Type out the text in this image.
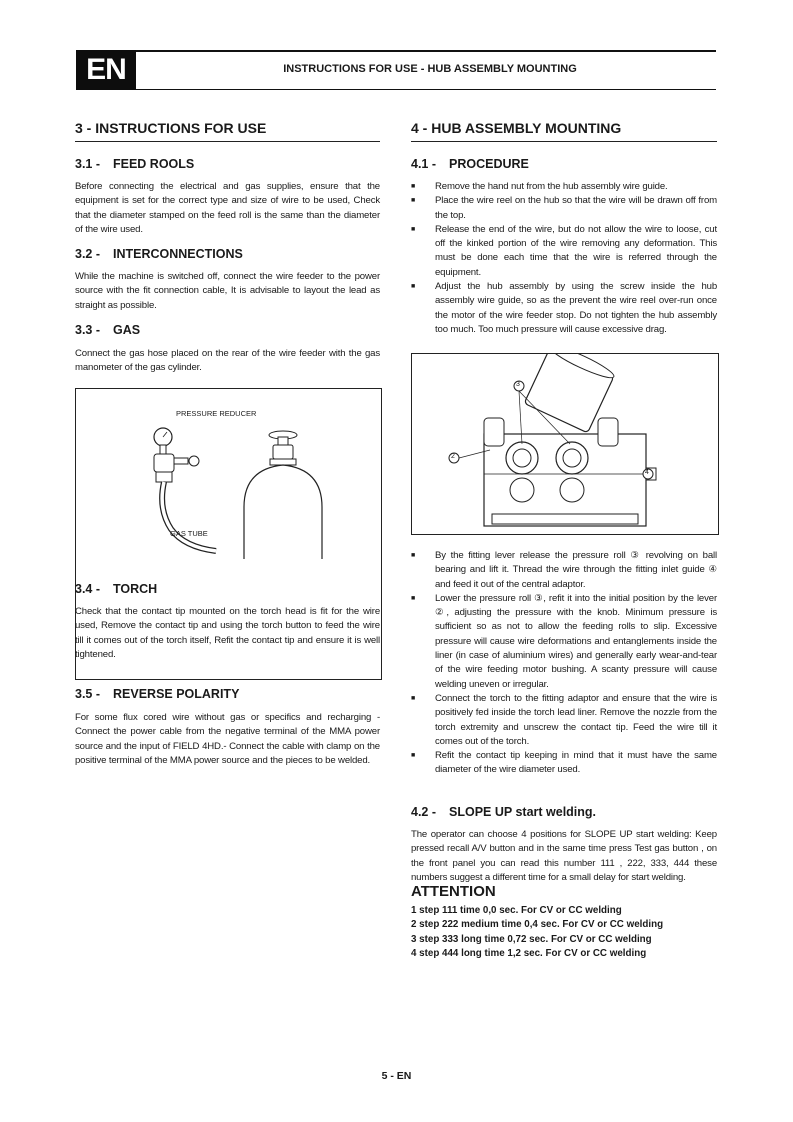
EN	INSTRUCTIONS FOR USE - HUB ASSEMBLY MOUNTING
3 - INSTRUCTIONS FOR USE
3.1 - FEED ROOLS

Before connecting the electrical and gas supplies, ensure that the equipment is set for the correct type and size of wire to be used, Check that the diameter stamped on the feed roll is the same than the diameter of the wire used.

3.2 - INTERCONNECTIONS

While the machine is switched off, connect the wire feeder to the power source with the fit connection cable, It is advisable to layout the lead as straight as possible.

3.3 - GAS

Connect the gas hose placed on the rear of the wire feeder with the gas manometer of the gas cylinder.

PRESSURE REDUCER
GAS TUBE
3.4 - TORCH

Check that the contact tip mounted on the torch head is fit for the wire used, Remove the contact tip and using the torch button to feed the wire till it comes out of the torch itself, Refit the contact tip and ensure it is well tightened.

3.5 - REVERSE POLARITY

For some flux cored wire without gas or specifics and recharging - Connect the power cable from the negative terminal of the MMA power source and the input of FIELD 4HD.- Connect the cable with clamp on the positive terminal of the MMA power source and the pieces to be welded.

4 - HUB ASSEMBLY MOUNTING
4.1 - PROCEDURE
■ Remove the hand nut from the hub assembly wire guide.
■ Place the wire reel on the hub so that the wire will be drawn off from the top.
■ Release the end of the wire, but do not allow the wire to loose, cut off the kinked portion of the wire removing any deformation. This must be done each time that the wire is referred through the equipment.
■ Adjust the hub assembly by using the screw inside the hub assembly wire guide, so as the prevent the wire reel over-run once the motor of the wire feeder stop. Do not tighten the hub assembly too much. Too much pressure will cause excessive drag.
3
2
4
■ By the fitting lever release the pressure roll ③ revolving on ball bearing and lift it. Thread the wire through the fitting inlet guide ④ and feed it out of the central adaptor.
■ Lower the pressure roll ③, refit it into the initial position by the lever ②, adjusting the pressure with the knob. Minimum pressure is sufficient so as not to allow the feeding rolls to slip. Excessive pressure will cause wire deformations and entanglements inside the liner (in case of aluminium wires) and generally early wear-and-tear of the wire feeding motor bushing. A scanty pressure will cause welding uneven or irregular.
■ Connect the torch to the fitting adaptor and ensure that the wire is positively fed inside the torch lead liner. Remove the nozzle from the torch extremity and unscrew the contact tip. Feed the wire till it comes out of the torch.
■ Refit the contact tip keeping in mind that it must have the same diameter of the wire diameter used.
4.2 - SLOPE UP start welding.

The operator can choose 4 positions for SLOPE UP start welding: Keep pressed recall A/V button and in the same time press Test gas button , on the front panel you can read this number 111 , 222, 333, 444 these numbers suggest a different time for a small delay for start welding.

ATTENTION

1 step 111 time 0,0 sec. For CV or CC welding

2 step 222 medium time 0,4 sec. For CV or CC welding

3 step 333 long time 0,72 sec. For CV or CC welding

4 step 444 long time 1,2 sec. For CV or CC welding

5 - EN
